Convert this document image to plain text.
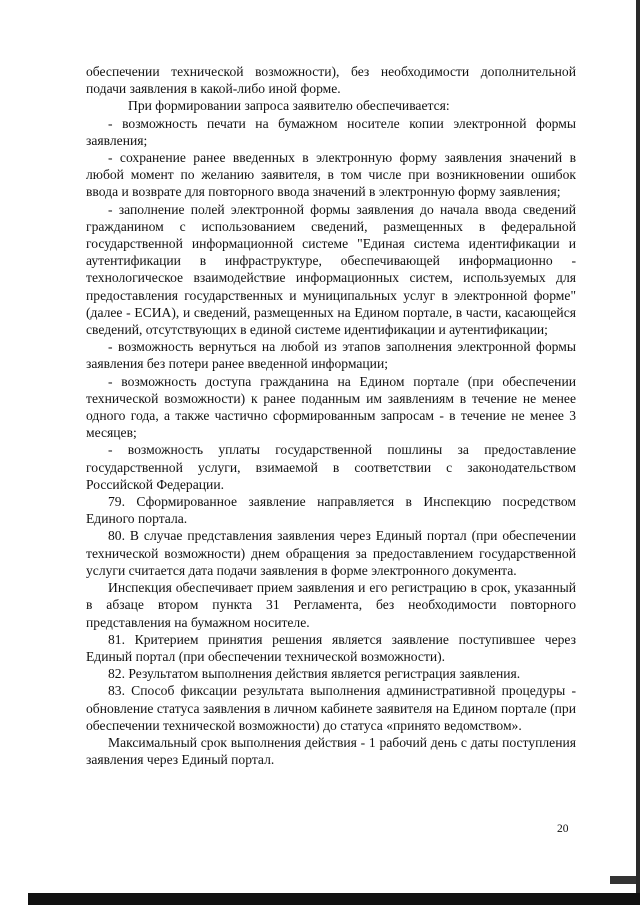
обеспечении технической возможности), без необходимости дополнительной подачи заявления в какой-либо иной форме.

При формировании запроса заявителю обеспечивается:

- возможность печати на бумажном носителе копии электронной формы заявления;

- сохранение ранее введенных в электронную форму заявления значений в любой момент по желанию заявителя, в том числе при возникновении ошибок ввода и возврате для повторного ввода значений в электронную форму заявления;

- заполнение полей электронной формы заявления до начала ввода сведений гражданином с использованием сведений, размещенных в федеральной государственной информационной системе "Единая система идентификации и аутентификации в инфраструктуре, обеспечивающей информационно - технологическое взаимодействие информационных систем, используемых для предоставления государственных и муниципальных услуг в электронной форме" (далее - ЕСИА), и сведений, размещенных на Едином портале, в части, касающейся сведений, отсутствующих в единой системе идентификации и аутентификации;

- возможность вернуться на любой из этапов заполнения электронной формы заявления без потери ранее введенной информации;

- возможность доступа гражданина на Едином портале (при обеспечении технической возможности) к ранее поданным им заявлениям в течение не менее одного года, а также частично сформированным запросам - в течение не менее 3 месяцев;

- возможность уплаты государственной пошлины за предоставление государственной услуги, взимаемой в соответствии с законодательством Российской Федерации.

79. Сформированное заявление направляется в Инспекцию посредством Единого портала.

80. В случае представления заявления через Единый портал (при обеспечении технической возможности) днем обращения за предоставлением государственной услуги считается дата подачи заявления в форме электронного документа.

Инспекция обеспечивает прием заявления и его регистрацию в срок, указанный в абзаце втором пункта 31 Регламента, без необходимости повторного представления на бумажном носителе.

81. Критерием принятия решения является заявление поступившее через Единый портал (при обеспечении технической возможности).

82. Результатом выполнения действия является регистрация заявления.

83. Способ фиксации результата выполнения административной процедуры - обновление статуса заявления в личном кабинете заявителя на Едином портале (при обеспечении технической возможности) до статуса «принято ведомством».

Максимальный срок выполнения действия - 1 рабочий день с даты поступления заявления через Единый портал.

20
